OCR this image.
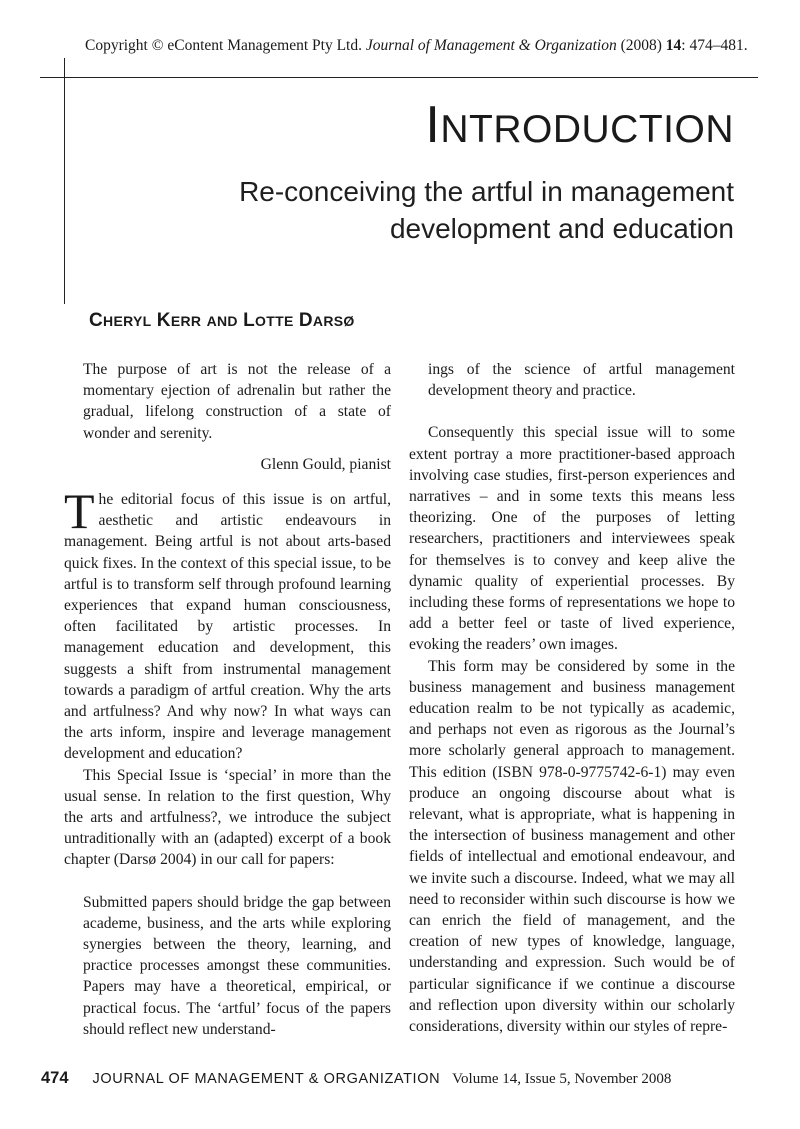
Copyright © eContent Management Pty Ltd. Journal of Management & Organization (2008) 14: 474–481.
INTRODUCTION
Re-conceiving the artful in management development and education
CHERYL KERR AND LOTTE DARSØ
The purpose of art is not the release of a momentary ejection of adrenalin but rather the gradual, lifelong construction of a state of wonder and serenity.
Glenn Gould, pianist

The editorial focus of this issue is on artful, aesthetic and artistic endeavours in management. Being artful is not about arts-based quick fixes. In the context of this special issue, to be artful is to transform self through profound learning experiences that expand human consciousness, often facilitated by artistic processes. In management education and development, this suggests a shift from instrumental management towards a paradigm of artful creation. Why the arts and artfulness? And why now? In what ways can the arts inform, inspire and leverage management development and education?

This Special Issue is ‘special’ in more than the usual sense. In relation to the first question, Why the arts and artfulness?, we introduce the subject untraditionally with an (adapted) excerpt of a book chapter (Darsø 2004) in our call for papers:

Submitted papers should bridge the gap between academe, business, and the arts while exploring synergies between the theory, learning, and practice processes amongst these communities. Papers may have a theoretical, empirical, or practical focus. The ‘artful’ focus of the papers should reflect new understand-

ings of the science of artful management development theory and practice.

Consequently this special issue will to some extent portray a more practitioner-based approach involving case studies, first-person experiences and narratives – and in some texts this means less theorizing. One of the purposes of letting researchers, practitioners and interviewees speak for themselves is to convey and keep alive the dynamic quality of experiential processes. By including these forms of representations we hope to add a better feel or taste of lived experience, evoking the readers’ own images.

This form may be considered by some in the business management and business management education realm to be not typically as academic, and perhaps not even as rigorous as the Journal’s more scholarly general approach to management. This edition (ISBN 978-0-9775742-6-1) may even produce an ongoing discourse about what is relevant, what is appropriate, what is happening in the intersection of business management and other fields of intellectual and emotional endeavour, and we invite such a discourse. Indeed, what we may all need to reconsider within such discourse is how we can enrich the field of management, and the creation of new types of knowledge, language, understanding and expression. Such would be of particular significance if we continue a discourse and reflection upon diversity within our scholarly considerations, diversity within our styles of repre-

474 JOURNAL OF MANAGEMENT & ORGANIZATION Volume 14, Issue 5, November 2008
